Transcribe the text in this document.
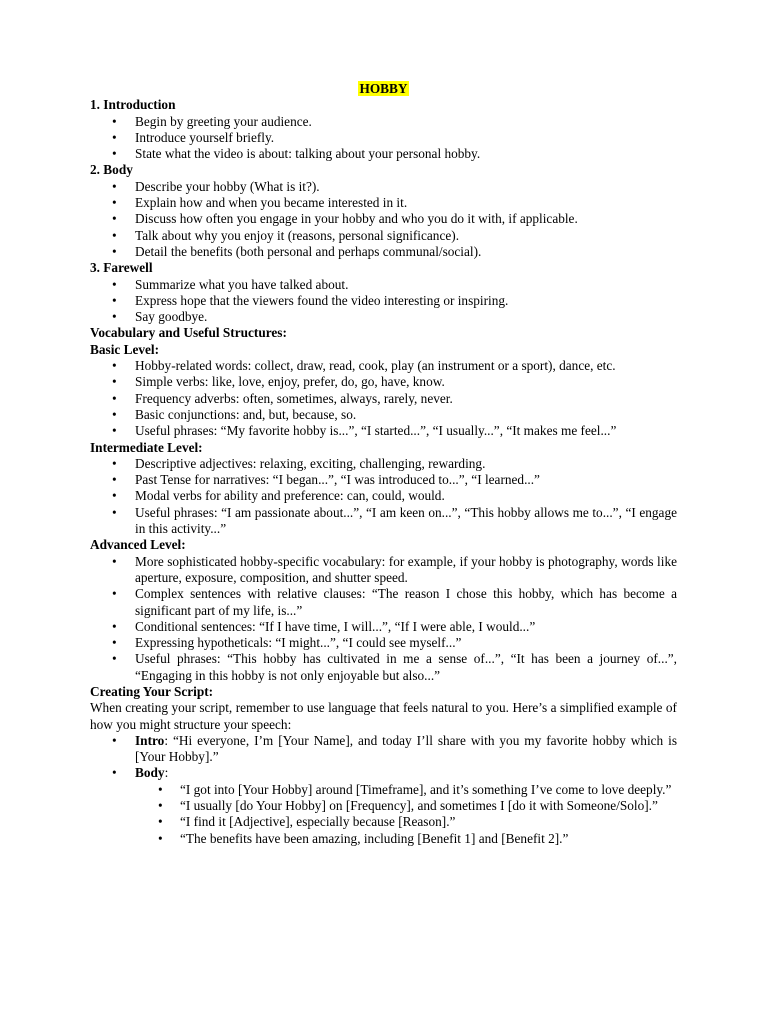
HOBBY
1. Introduction
• Begin by greeting your audience.
• Introduce yourself briefly.
• State what the video is about: talking about your personal hobby.
2. Body
• Describe your hobby (What is it?).
• Explain how and when you became interested in it.
• Discuss how often you engage in your hobby and who you do it with, if applicable.
• Talk about why you enjoy it (reasons, personal significance).
• Detail the benefits (both personal and perhaps communal/social).
3. Farewell
• Summarize what you have talked about.
• Express hope that the viewers found the video interesting or inspiring.
• Say goodbye.
Vocabulary and Useful Structures:
Basic Level:
• Hobby-related words: collect, draw, read, cook, play (an instrument or a sport), dance, etc.
• Simple verbs: like, love, enjoy, prefer, do, go, have, know.
• Frequency adverbs: often, sometimes, always, rarely, never.
• Basic conjunctions: and, but, because, so.
• Useful phrases: “My favorite hobby is...”, “I started...”, “I usually...”, “It makes me feel...”
Intermediate Level:
• Descriptive adjectives: relaxing, exciting, challenging, rewarding.
• Past Tense for narratives: “I began...”, “I was introduced to...”, “I learned...”
• Modal verbs for ability and preference: can, could, would.
• Useful phrases: “I am passionate about...”, “I am keen on...”, “This hobby allows me to...”, “I engage in this activity...”
Advanced Level:
• More sophisticated hobby-specific vocabulary: for example, if your hobby is photography, words like aperture, exposure, composition, and shutter speed.
• Complex sentences with relative clauses: “The reason I chose this hobby, which has become a significant part of my life, is...”
• Conditional sentences: “If I have time, I will...”, “If I were able, I would...”
• Expressing hypotheticals: “I might...”, “I could see myself...”
• Useful phrases: “This hobby has cultivated in me a sense of...”, “It has been a journey of...”, “Engaging in this hobby is not only enjoyable but also...”
Creating Your Script:

When creating your script, remember to use language that feels natural to you. Here’s a simplified example of how you might structure your speech:

• Intro: “Hi everyone, I’m [Your Name], and today I’ll share with you my favorite hobby which is [Your Hobby].”
• Body:
• “I got into [Your Hobby] around [Timeframe], and it’s something I’ve come to love deeply.”
• “I usually [do Your Hobby] on [Frequency], and sometimes I [do it with Someone/Solo].”
• “I find it [Adjective], especially because [Reason].”
• “The benefits have been amazing, including [Benefit 1] and [Benefit 2].”
